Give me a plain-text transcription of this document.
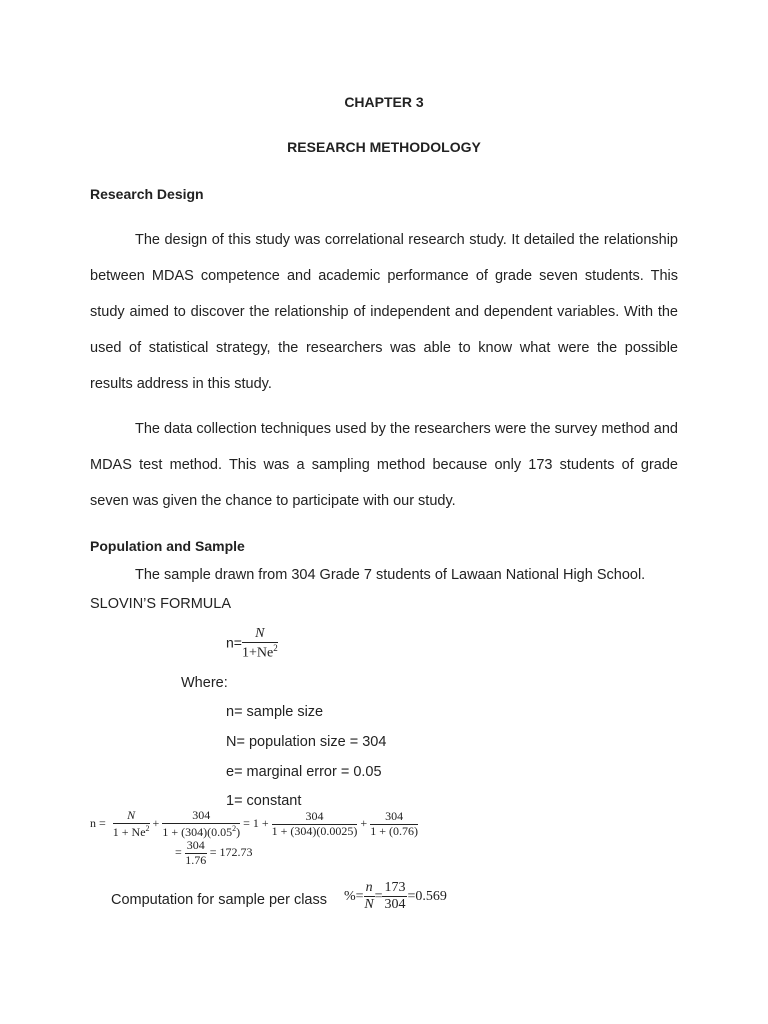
CHAPTER 3
RESEARCH METHODOLOGY
Research Design

The design of this study was correlational research study. It detailed the relationship between MDAS competence and academic performance of grade seven students. This study aimed to discover the relationship of independent and dependent variables. With the used of statistical strategy, the researchers was able to know what were the possible results address in this study.

The data collection techniques used by the researchers were the survey method and MDAS test method. This was a sampling method because only 173 students of grade seven was given the chance to participate with our study.

Population and Sample
The sample drawn from 304 Grade 7 students of Lawaan National High School.
SLOVIN’S FORMULA
$n= \frac{N}{1+Ne^2}$
Where:
n= sample size
N= population size = 304
e= marginal error = 0.05
1= constant
$n = \frac{N}{1 + Ne^2} + \frac{304}{1 + (304)(0.05^2)} = 1 + \frac{304}{1 + (304)(0.0025)} + \frac{304}{1 + (0.76)}$
= $\frac{304}{1.76} = 172.73$
Computation for sample per class %= $\frac{n}{N} = \frac{173}{304} =0.569$
